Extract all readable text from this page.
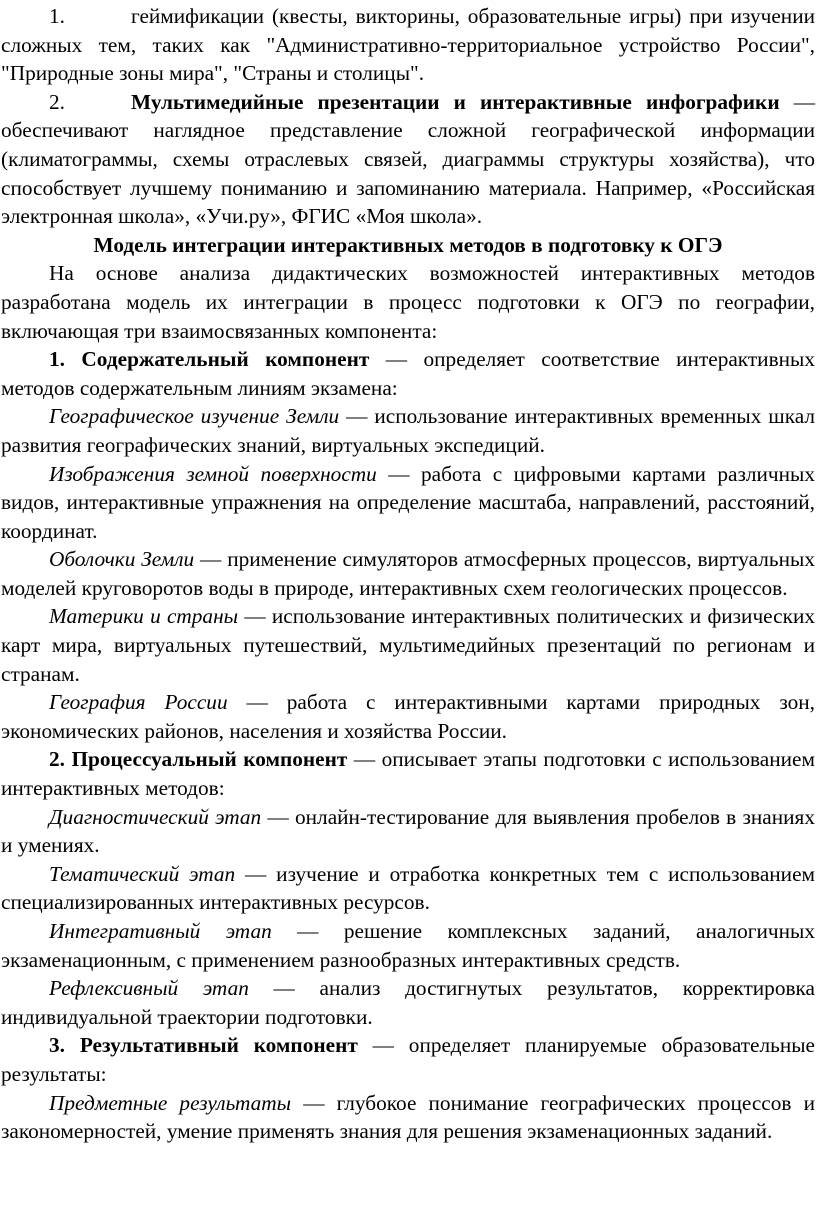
1.	геймификации (квесты, викторины, образовательные игры) при изучении сложных тем, таких как "Административно-территориальное устройство России", "Природные зоны мира", "Страны и столицы".

2.	Мультимедийные презентации и интерактивные инфографики — обеспечивают наглядное представление сложной географической информации (климатограммы, схемы отраслевых связей, диаграммы структуры хозяйства), что способствует лучшему пониманию и запоминанию материала. Например, «Российская электронная школа», «Учи.ру», ФГИС «Моя школа».

Модель интеграции интерактивных методов в подготовку к ОГЭ

На основе анализа дидактических возможностей интерактивных методов разработана модель их интеграции в процесс подготовки к ОГЭ по географии, включающая три взаимосвязанных компонента:

1. Содержательный компонент — определяет соответствие интерактивных методов содержательным линиям экзамена:

Географическое изучение Земли — использование интерактивных временных шкал развития географических знаний, виртуальных экспедиций.

Изображения земной поверхности — работа с цифровыми картами различных видов, интерактивные упражнения на определение масштаба, направлений, расстояний, координат.

Оболочки Земли — применение симуляторов атмосферных процессов, виртуальных моделей круговоротов воды в природе, интерактивных схем геологических процессов.

Материки и страны — использование интерактивных политических и физических карт мира, виртуальных путешествий, мультимедийных презентаций по регионам и странам.

География России — работа с интерактивными картами природных зон, экономических районов, населения и хозяйства России.

2. Процессуальный компонент — описывает этапы подготовки с использованием интерактивных методов:

Диагностический этап — онлайн-тестирование для выявления пробелов в знаниях и умениях.

Тематический этап — изучение и отработка конкретных тем с использованием специализированных интерактивных ресурсов.

Интегративный этап — решение комплексных заданий, аналогичных экзаменационным, с применением разнообразных интерактивных средств.

Рефлексивный этап — анализ достигнутых результатов, корректировка индивидуальной траектории подготовки.

3. Результативный компонент — определяет планируемые образовательные результаты:

Предметные результаты — глубокое понимание географических процессов и закономерностей, умение применять знания для решения экзаменационных заданий.
